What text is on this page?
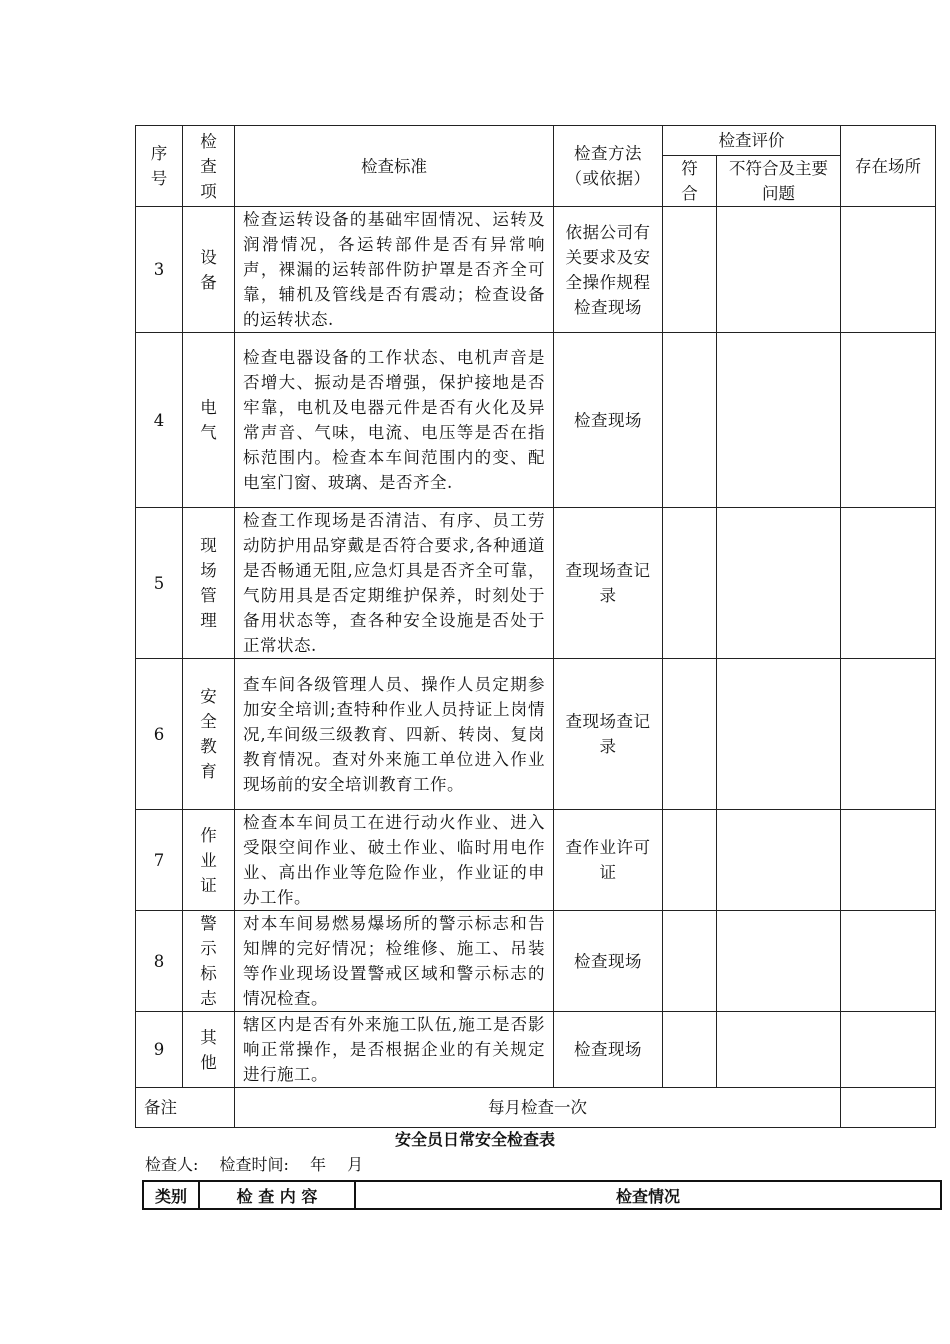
序号	检查项	检查标准	检查方法（或依据）	检查评价		存在场所

				符合	不符合及主要问题	
3	设备	检查运转设备的基础牢固情况、运转及润滑情况，各运转部件是否有异常响声，裸漏的运转部件防护罩是否齐全可靠，辅机及管线是否有震动；检查设备的运转状态.	依据公司有关要求及安全操作规程检查现场			
4	电气	检查电器设备的工作状态、电机声音是否增大、振动是否增强，保护接地是否牢靠，电机及电器元件是否有火化及异常声音、气味，电流、电压等是否在指标范围内。检查本车间范围内的变、配电室门窗、玻璃、是否齐全.	检查现场			
5	现场管理	检查工作现场是否清洁、有序、员工劳动防护用品穿戴是否符合要求,各种通道是否畅通无阻,应急灯具是否齐全可靠，气防用具是否定期维护保养，时刻处于备用状态等，查各种安全设施是否处于正常状态.	查现场查记录			
6	安全教育	查车间各级管理人员、操作人员定期参加安全培训;查特种作业人员持证上岗情况,车间级三级教育、四新、转岗、复岗教育情况。查对外来施工单位进入作业现场前的安全培训教育工作。	查现场查记录			
7	作业证	检查本车间员工在进行动火作业、进入受限空间作业、破土作业、临时用电作业、高出作业等危险作业，作业证的申办工作。	查作业许可证			
8	警示标志	对本车间易燃易爆场所的警示标志和告知牌的完好情况；检维修、施工、吊装等作业现场设置警戒区域和警示标志的情况检查。	检查现场			
9	其他	辖区内是否有外来施工队伍,施工是否影响正常操作，是否根据企业的有关规定进行施工。	检查现场			
备注		每月检查一次				
安全员日常安全检查表
检查人: 检查时间: 年 月
类别	检 查 内 容	检查情况
